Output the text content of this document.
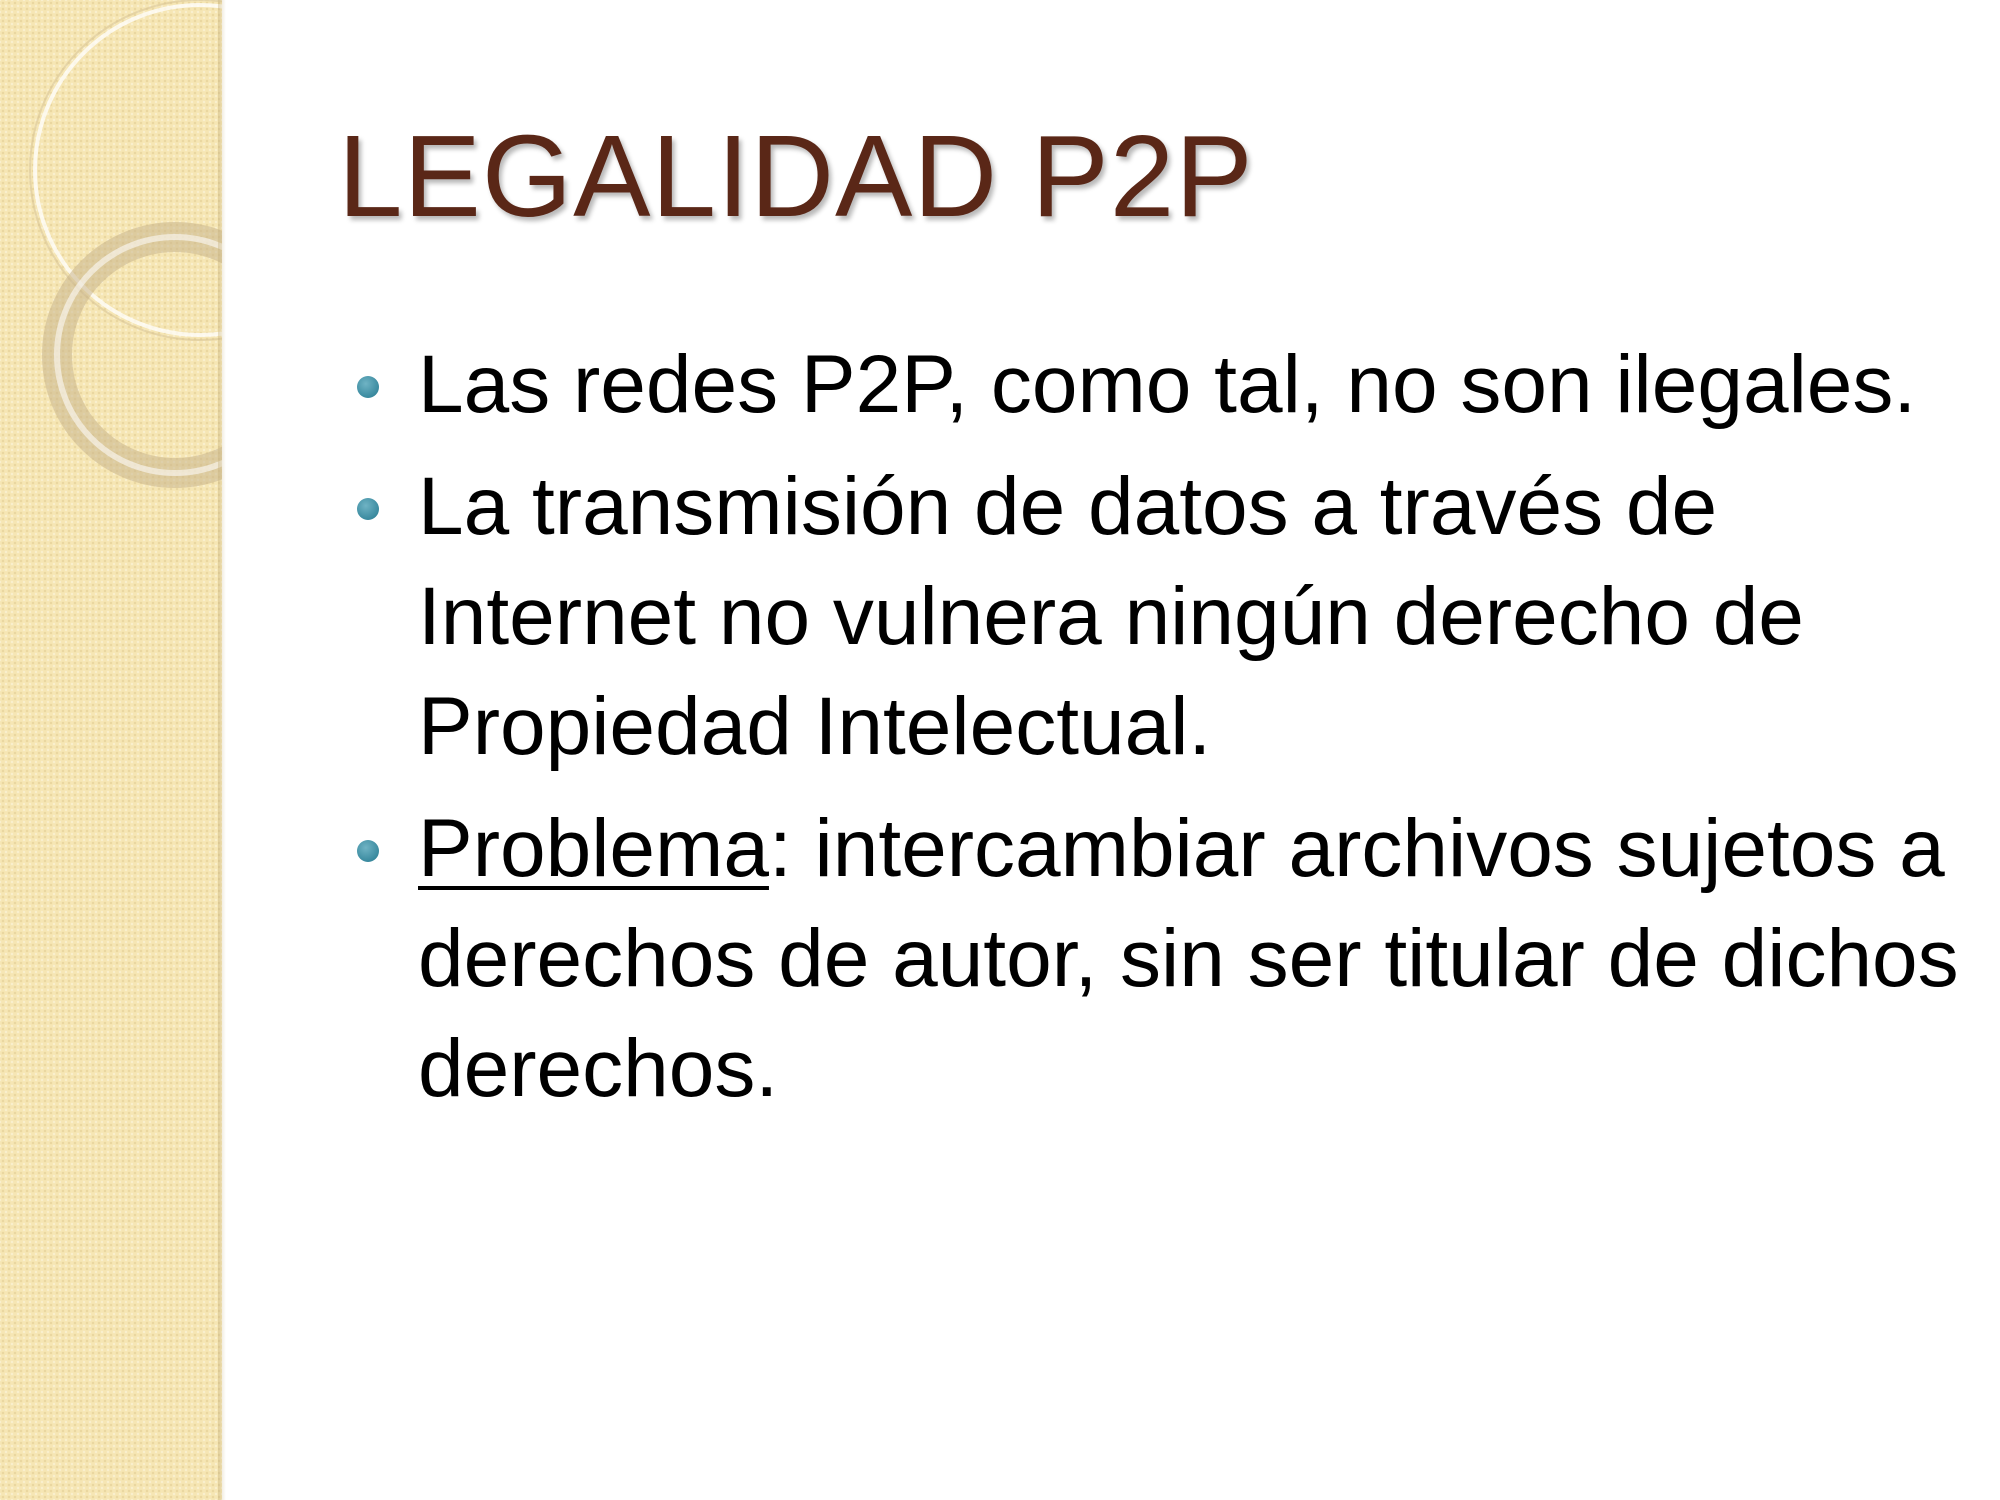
LEGALIDAD P2P
Las redes P2P, como tal, no son ilegales.
La transmisión de datos a través de Internet no vulnera ningún derecho de Propiedad Intelectual.
Problema: intercambiar archivos sujetos a derechos de autor, sin ser titular de dichos derechos.
